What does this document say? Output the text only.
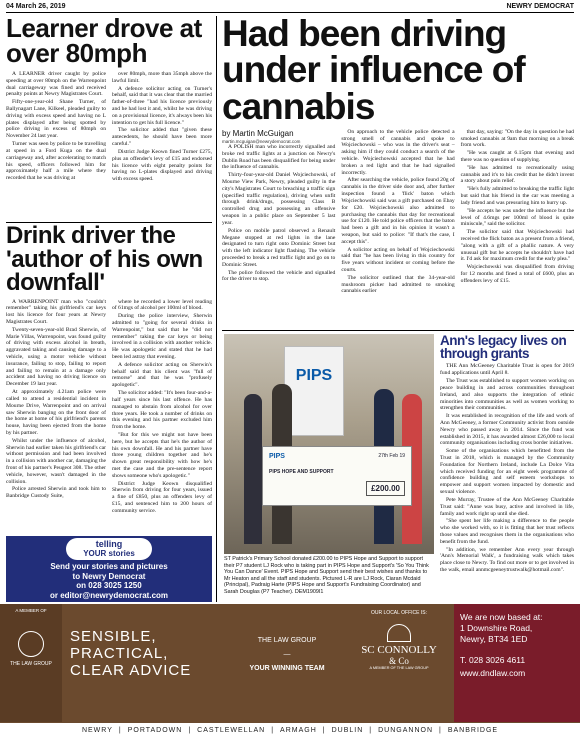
04 March 26, 2019	NEWRY DEMOCRAT
Learner drove at over 80mph

A LEARNER driver caught by police speeding at over 80mph on the Warrenpoint dual carriageway was fined and received penalty points at Newry Magistrates Court.

Fifty-one-year-old Shane Turner, of Ballynagart Lane, Kilkeel, pleaded guilty to driving with excess speed and having no L plates displayed after being spotted by police driving in excess of 80mph on November 24 last year.

Turner was seen by police to be travelling at speed in a Ford Kuga on the dual carriageway and, after accelerating to match his speed, officers followed him for approximately half a mile where they recorded that he was driving at

over 80mph, more than 35mph above the lawful limit.

A defence solicitor acting on Turner's behalf, said that it was clear that the married father-of-three "had his licence previously and he had lost it and, whilst he was driving on a provisional licence, it's always been his intention to get his full licence."

The solicitor added that "given these antecedents, he should have been more careful."

District Judge Keown fined Turner £275, plus an offender's levy of £15 and endorsed his licence with eight penalty points for having no L-plates displayed and driving with excess speed.

Drink driver the 'author of his own downfall'

A WARRENPOINT man who "couldn't remember" taking his girlfriend's car keys lost his licence for four years at Newry Magistrates Court.

Twenty-seven-year-old Brad Sherwin, of Marie Villas, Warrenpoint, was found guilty of driving with excess alcohol in breath, aggravated taking and causing damage to a vehicle, using a motor vehicle without insurance, failing to stop, failing to report and failing to remain at a damage only accident and having no driving licence on December 19 last year.

At approximately 4.21am police were called to attend a residential incident in Mourne Drive, Warrenpoint and on arrival saw Sherwin banging on the front door of the home at home of his girlfriend's parents house, having been ejected from the home by his partner.

Whilst under the influence of alcohol, Sherwin had earlier taken his girlfriend's car without permission and had been involved in a collision with another car, damaging the front of his partner's Peugeot 308. The other vehicle, however, wasn't damaged in the collision.

Police arrested Sherwin and took him to Banbridge Custody Suite,

where he recorded a lower level reading of 61mgs of alcohol per 100ml of blood.

During the police interview, Sherwin admitted to "going for several drinks in Warrenpoint," but said that he "did not remember" taking the car keys or being involved in a collision with another vehicle. He was apologetic and stated that he had been led astray that evening.

A defence solicitor acting on Sherwin's behalf said that his client was "full of remorse" and that he was "profusely apologetic".

The solicitor added: "It's been four-and-a-half years since his last offence. He has managed to abstain from alcohol for over three years. He took a number of drinks on this evening and his partner excluded him from the home.

"But for this we might not have been here, but he accepts that he's the author of his own downfall. He and his partner have three young children together and he's shown great responsibility with how he's met the case and the pre-sentence report shows someone who's apologetic."

District Judge Keown disqualified Sherwin from driving for four years, issued a fine of £850, plus an offenders levy of £15, and sentenced him to 200 hours of community service.

telling
YOUR stories
Send your stories and pictures
to Newry Democrat
on 028 3025 1250
or editor@newrydemocrat.com
Had been driving under influence of cannabis
by Martin McGuigan
martin.mcguigan@newrydemocrat.com

A POLISH man who incorrectly signalled and broke red traffic lights at a junction on Newry's Dublin Road has been disqualified for being under the influence of cannabis.

Thirty-four-year-old Daniel Wojciechowski, of Mourne View Park, Newry, pleaded guilty in the city's Magistrates Court to breaching a traffic sign (specified traffic regulation), driving when unfit through drink/drugs, possessing Class B controlled drug and possessing an offensive weapon in a public place on September 5 last year.

Police on mobile patrol observed a Renault Megane stopped at red lights in the lane designated to turn right onto Dominic Street but with the left indicator light flashing. The vehicle proceeded to break a red traffic light and go on to Dominic Street.

The police followed the vehicle and signalled for the driver to stop.

On approach to the vehicle police detected a strong smell of cannabis and spoke to Wojciechowski – who was in the driver's seat – asking him if they could conduct a search of the vehicle. Wojciechowski accepted that he had broken a red light and that he had signalled incorrectly.

After searching the vehicle, police found 20g of cannabis in the driver side door and, after further inspection found a 'flick' baton which Wojciechowski said was a gift purchased on Ebay for £20. Wojciechowski also admitted to purchasing the cannabis that day for recreational use for £120. He told police officers that the baton had been a gift and in his opinion it wasn't a weapon, but said to police: "If that's the case, I accept this".

A solicitor acting on behalf of Wojciechowski said that "he has been living in this country for five years without incident or coming before the courts.

The solicitor outlined that the 34-year-old mushroom picker had admitted to smoking cannabis earlier

that day, saying: "On the day in question he had smoked cannabis at 9am that morning on a break from work.

"He was caught at 6.15pm that evening and there was no question of supplying.

"He has admitted to recreationally using cannabis and it's to his credit that he didn't invent a story about pain relief.

"He's fully admitted to breaking the traffic light but said that his friend in the car was meeting a lady friend and was pressuring him to hurry up.

"He accepts he was under the influence but the level of 4.6mgs per 100ml of blood is quite miniscule," said the solicitor.

The solicitor said that Wojciechowski had received the flick baton as a present from a friend, "along with a gift of a phallic nature. A very unusual gift but he accepts he shouldn't have had it. I'd ask for maximum credit for the early plea."

Wojciechowski was disqualified from driving for 12 months and fined a total of £600, plus an offenders levy of £15.

PIPS
PIPS	27th Feb 19
PIPS HOPE AND SUPPORT
£200.00
ST Patrick's Primary School donated £200.00 to PIPS Hope and Support to support their P7 student LJ Rock who is taking part in PIPS Hope and Support's 'So You Think You Can Dance' Event. PIPS Hope and Support send their best wishes and thanks to Mr Heaton and all the staff and students. Pictured L-R are LJ Rock, Ciaran Mcdaid (Principal), Padraig Harte (PIPS Hope and Support's Fundraising Coordinator) and Sarah Douglas (P7 Teacher). DEM1909I1
Ann's legacy lives on through grants

THE Ann McGeeney Charitable Trust is open for 2019 fund applications until April 8.

The Trust was established to support women working on peace building in and across communities throughout Ireland, and also supports the integration of ethnic minorities into communities as well as women working to strengthen their communities.

It was established in recognition of the life and work of Ann McGeeney, a former Community activist from outside Newry who passed away in 2014. Since the fund was established in 2015, it has awarded almost £26,000 to local community organisations including cross border initiatives.

Some of the organisations which benefitted from the Trust in 2018, which is managed by the Community Foundation for Northern Ireland, include La Dolce Vita which received funding for an eight week programme of confidence building and self esteem workshops to empower and support women impacted by domestic and sexual violence.

Pete Murray, Trustee of the Ann McGeeney Charitable Trust said: "Anne was busy, active and involved in life, family and work right up until she died.

"She spent her life making a difference to the people who she worked with, so it is fitting that her trust reflects those values and recognises them in the organisations who benefit from the fund.

"In addition, we remember Ann every year through 'Ann's Memorial Walk', a fundraising walk which takes place close to Newry. To find out more or to get involved in the walk, email annmcgeeneytrustwalk@hotmail.com".

A MEMBER OF
THE LAW GROUP
SENSIBLE,
PRACTICAL,
CLEAR ADVICE
THE LAW GROUP
—
YOUR WINNING TEAM
OUR LOCAL OFFICE IS:
SC CONNOLLY
& Co
A MEMBER OF THE LAW GROUP
We are now based at:
1 Downshire Road,
Newry, BT34 1ED
T. 028 3026 4611
www.dndlaw.com
NEWRY | PORTADOWN | CASTLEWELLAN | ARMAGH | DUBLIN | DUNGANNON | BANBRIDGE
